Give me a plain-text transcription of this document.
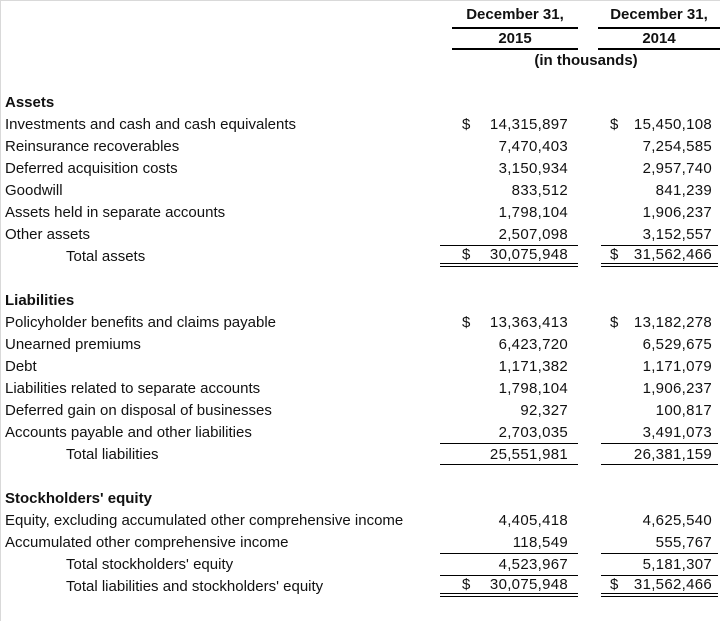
December 31,	December 31,
2015	2014
(in thousands)
Assets
Investments and cash and cash equivalents	$ 14,315,897	$ 15,450,108
Reinsurance recoverables	7,470,403	7,254,585
Deferred acquisition costs	3,150,934	2,957,740
Goodwill	833,512	841,239
Assets held in separate accounts	1,798,104	1,906,237
Other assets	2,507,098	3,152,557
Total assets	$ 30,075,948	$ 31,562,466
Liabilities
Policyholder benefits and claims payable	$ 13,363,413	$ 13,182,278
Unearned premiums	6,423,720	6,529,675
Debt	1,171,382	1,171,079
Liabilities related to separate accounts	1,798,104	1,906,237
Deferred gain on disposal of businesses	92,327	100,817
Accounts payable and other liabilities	2,703,035	3,491,073
Total liabilities	25,551,981	26,381,159
Stockholders' equity
Equity, excluding accumulated other comprehensive income	4,405,418	4,625,540
Accumulated other comprehensive income	118,549	555,767
Total stockholders' equity	4,523,967	5,181,307
Total liabilities and stockholders' equity	$ 30,075,948	$ 31,562,466
